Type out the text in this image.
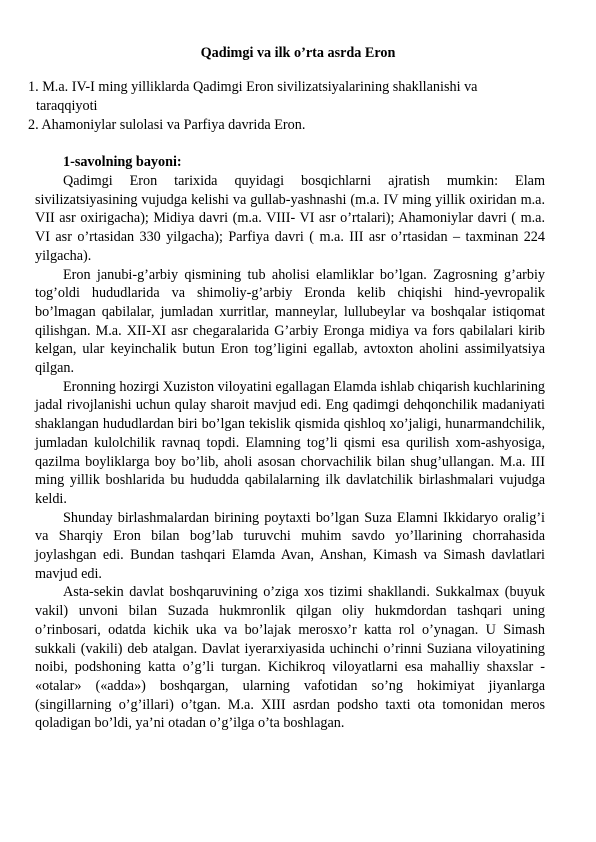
Qadimgi va ilk o’rta asrda Eron
1. M.a. IV-I ming yilliklarda Qadimgi Eron sivilizatsiyalarining shakllanishi va
taraqqiyoti
2. Ahamoniylar sulolasi va Parfiya davrida Eron.
1-savolning bayoni:

Qadimgi Eron tarixida quyidagi bosqichlarni ajratish mumkin: Elam sivilizatsiyasining vujudga kelishi va gullab-yashnashi (m.a. IV ming yillik oxiridan m.a. VII asr oxirigacha); Midiya davri (m.a. VIII- VI asr o’rtalari); Ahamoniylar davri ( m.a. VI asr o’rtasidan 330 yilgacha); Parfiya davri ( m.a. III asr o’rtasidan – taxminan 224 yilgacha).

Eron janubi-g’arbiy qismining tub aholisi elamliklar bo’lgan. Zagrosning g’arbiy tog’oldi hududlarida va shimoliy-g’arbiy Eronda kelib chiqishi hind-yevropalik bo’lmagan qabilalar, jumladan xurritlar, manneylar, lullubeylar va boshqalar istiqomat qilishgan. M.a. XII-XI asr chegaralarida G’arbiy Eronga midiya va fors qabilalari kirib kelgan, ular keyinchalik butun Eron tog’ligini egallab, avtoxton aholini assimilyatsiya qilgan.

Eronning hozirgi Xuziston viloyatini egallagan Elamda ishlab chiqarish kuchlarining jadal rivojlanishi uchun qulay sharoit mavjud edi. Eng qadimgi dehqonchilik madaniyati shaklangan hududlardan biri bo’lgan tekislik qismida qishloq xo’jaligi, hunarmandchilik, jumladan kulolchilik ravnaq topdi. Elamning tog’li qismi esa qurilish xom-ashyosiga, qazilma boyliklarga boy bo’lib, aholi asosan chorvachilik bilan shug’ullangan. M.a. III ming yillik boshlarida bu hududda qabilalarning ilk davlatchilik birlashmalari vujudga keldi.

Shunday birlashmalardan birining poytaxti bo’lgan Suza Elamni Ikkidaryo oralig’i va Sharqiy Eron bilan bog’lab turuvchi muhim savdo yo’llarining chorrahasida joylashgan edi. Bundan tashqari Elamda Avan, Anshan, Kimash va Simash davlatlari mavjud edi.

Asta-sekin davlat boshqaruvining o’ziga xos tizimi shakllandi. Sukkalmax (buyuk vakil) unvoni bilan Suzada hukmronlik qilgan oliy hukmdordan tashqari uning o’rinbosari, odatda kichik uka va bo’lajak merosxo’r katta rol o’ynagan. U Simash sukkali (vakili) deb atalgan. Davlat iyerarxiyasida uchinchi o’rinni Suziana viloyatining noibi, podshoning katta o’g’li turgan. Kichikroq viloyatlarni esa mahalliy shaxslar - «otalar» («adda») boshqargan, ularning vafotidan so’ng hokimiyat jiyanlarga (singillarning o’g’illari) o’tgan. M.a. XIII asrdan podsho taxti ota tomonidan meros qoladigan bo’ldi, ya’ni otadan o’g’ilga o’ta boshlagan.
